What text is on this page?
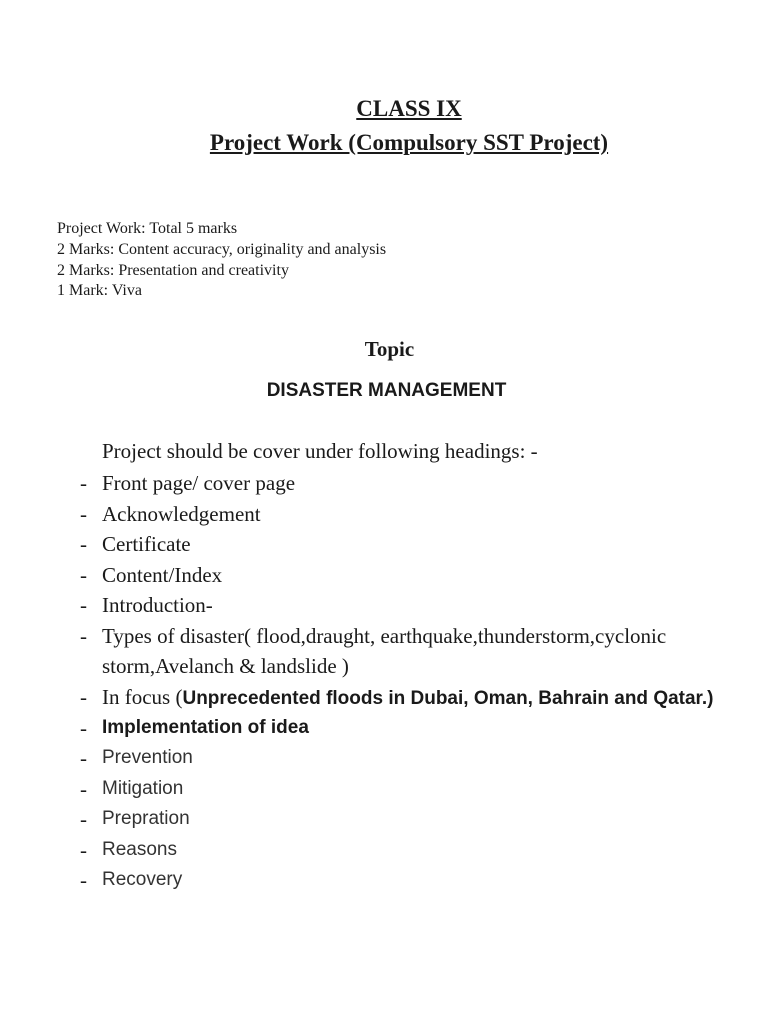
CLASS IX
Project Work (Compulsory SST Project)
Project Work: Total 5 marks
2 Marks: Content accuracy, originality and analysis
2 Marks: Presentation and creativity
1 Mark: Viva
Topic
DISASTER MANAGEMENT
Project should be cover under following headings: -
- Front page/ cover page
- Acknowledgement
- Certificate
- Content/Index
- Introduction-
- Types of disaster( flood,draught, earthquake,thunderstorm,cyclonic storm,Avelanch & landslide )
- In focus (Unprecedented floods in Dubai, Oman, Bahrain and Qatar.)
- Implementation of idea
- Prevention
- Mitigation
- Prepration
- Reasons
- Recovery
